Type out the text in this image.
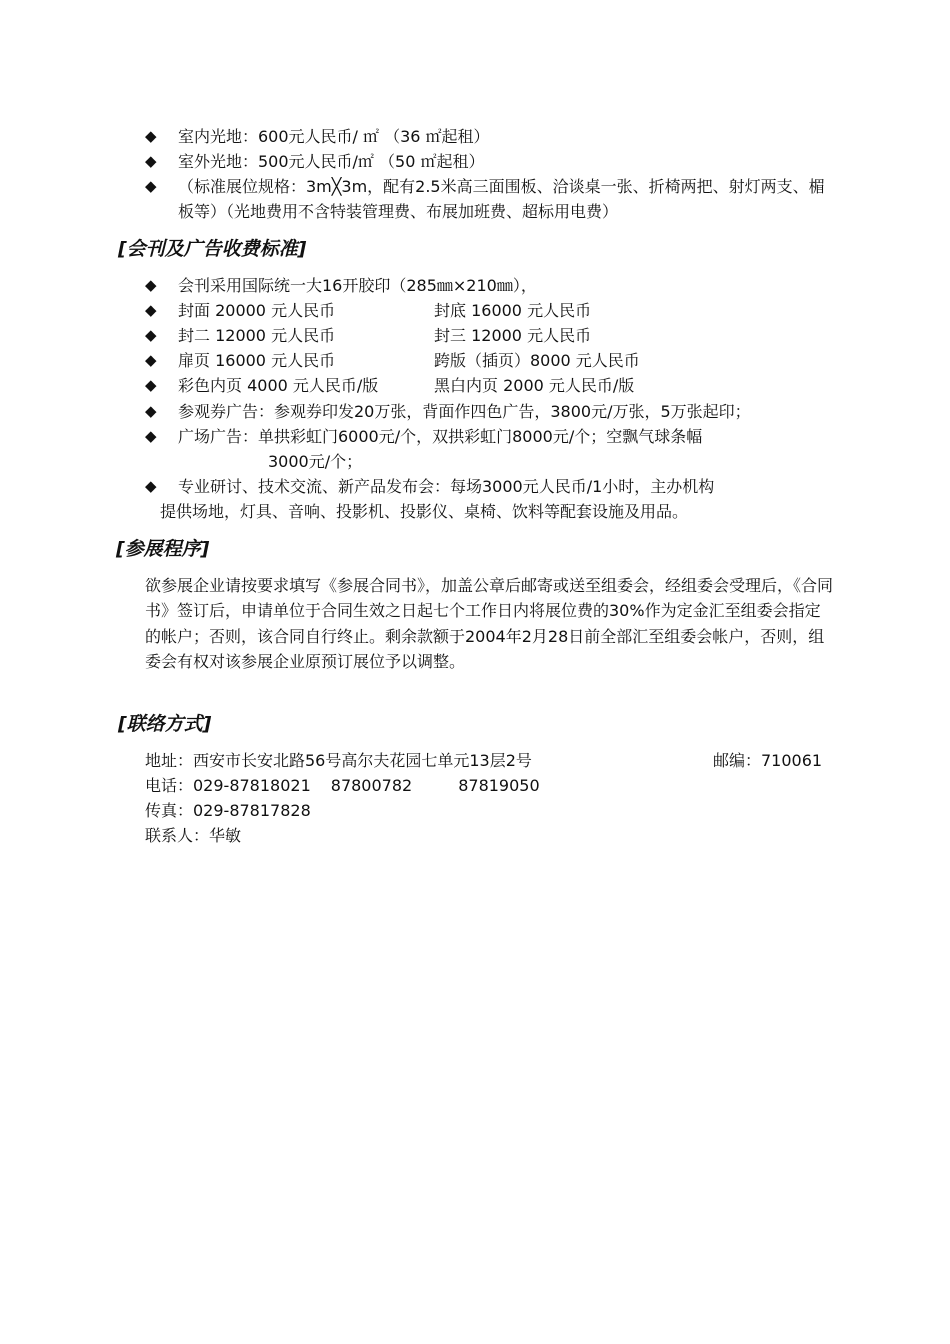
◆	室内光地：600元人民币/ ㎡ （36 ㎡起租）
◆	室外光地：500元人民币/㎡ （50 ㎡起租）
◆	（标准展位规格：3m╳3m，配有2.5米高三面围板、洽谈桌一张、折椅两把、射灯两支、楣板等）（光地费用不含特装管理费、布展加班费、超标用电费）
[会刊及广告收费标准]
◆	会刊采用国际统一大16开胶印（285㎜×210㎜），
◆ 封面 20000 元人民币	封底 16000 元人民币
◆ 封二 12000 元人民币	封三 12000 元人民币
◆ 扉页 16000 元人民币	跨版（插页）8000 元人民币
◆ 彩色内页 4000 元人民币/版	黑白内页 2000 元人民币/版
◆	参观券广告：参观券印发20万张，背面作四色广告，3800元/万张，5万张起印；
◆	广场广告：单拱彩虹门6000元/个，双拱彩虹门8000元/个；空飘气球条幅
3000元/个；
◆	专业研讨、技术交流、新产品发布会：每场3000元人民币/1小时，主办机构
提供场地，灯具、音响、投影机、投影仪、桌椅、饮料等配套设施及用品。
[参展程序]
欲参展企业请按要求填写《参展合同书》，加盖公章后邮寄或送至组委会，经组委会受理后，《合同书》签订后，申请单位于合同生效之日起七个工作日内将展位费的30%作为定金汇至组委会指定的帐户；否则，该合同自行终止。剩余款额于2004年2月28日前全部汇至组委会帐户，否则，组委会有权对该参展企业原预订展位予以调整。
[联络方式]
地址：西安市长安北路56号高尔夫花园七单元13层2号	邮编：710061
电话：029-87818021 87800782	87819050
传真：029-87817828
联系人：华敏
